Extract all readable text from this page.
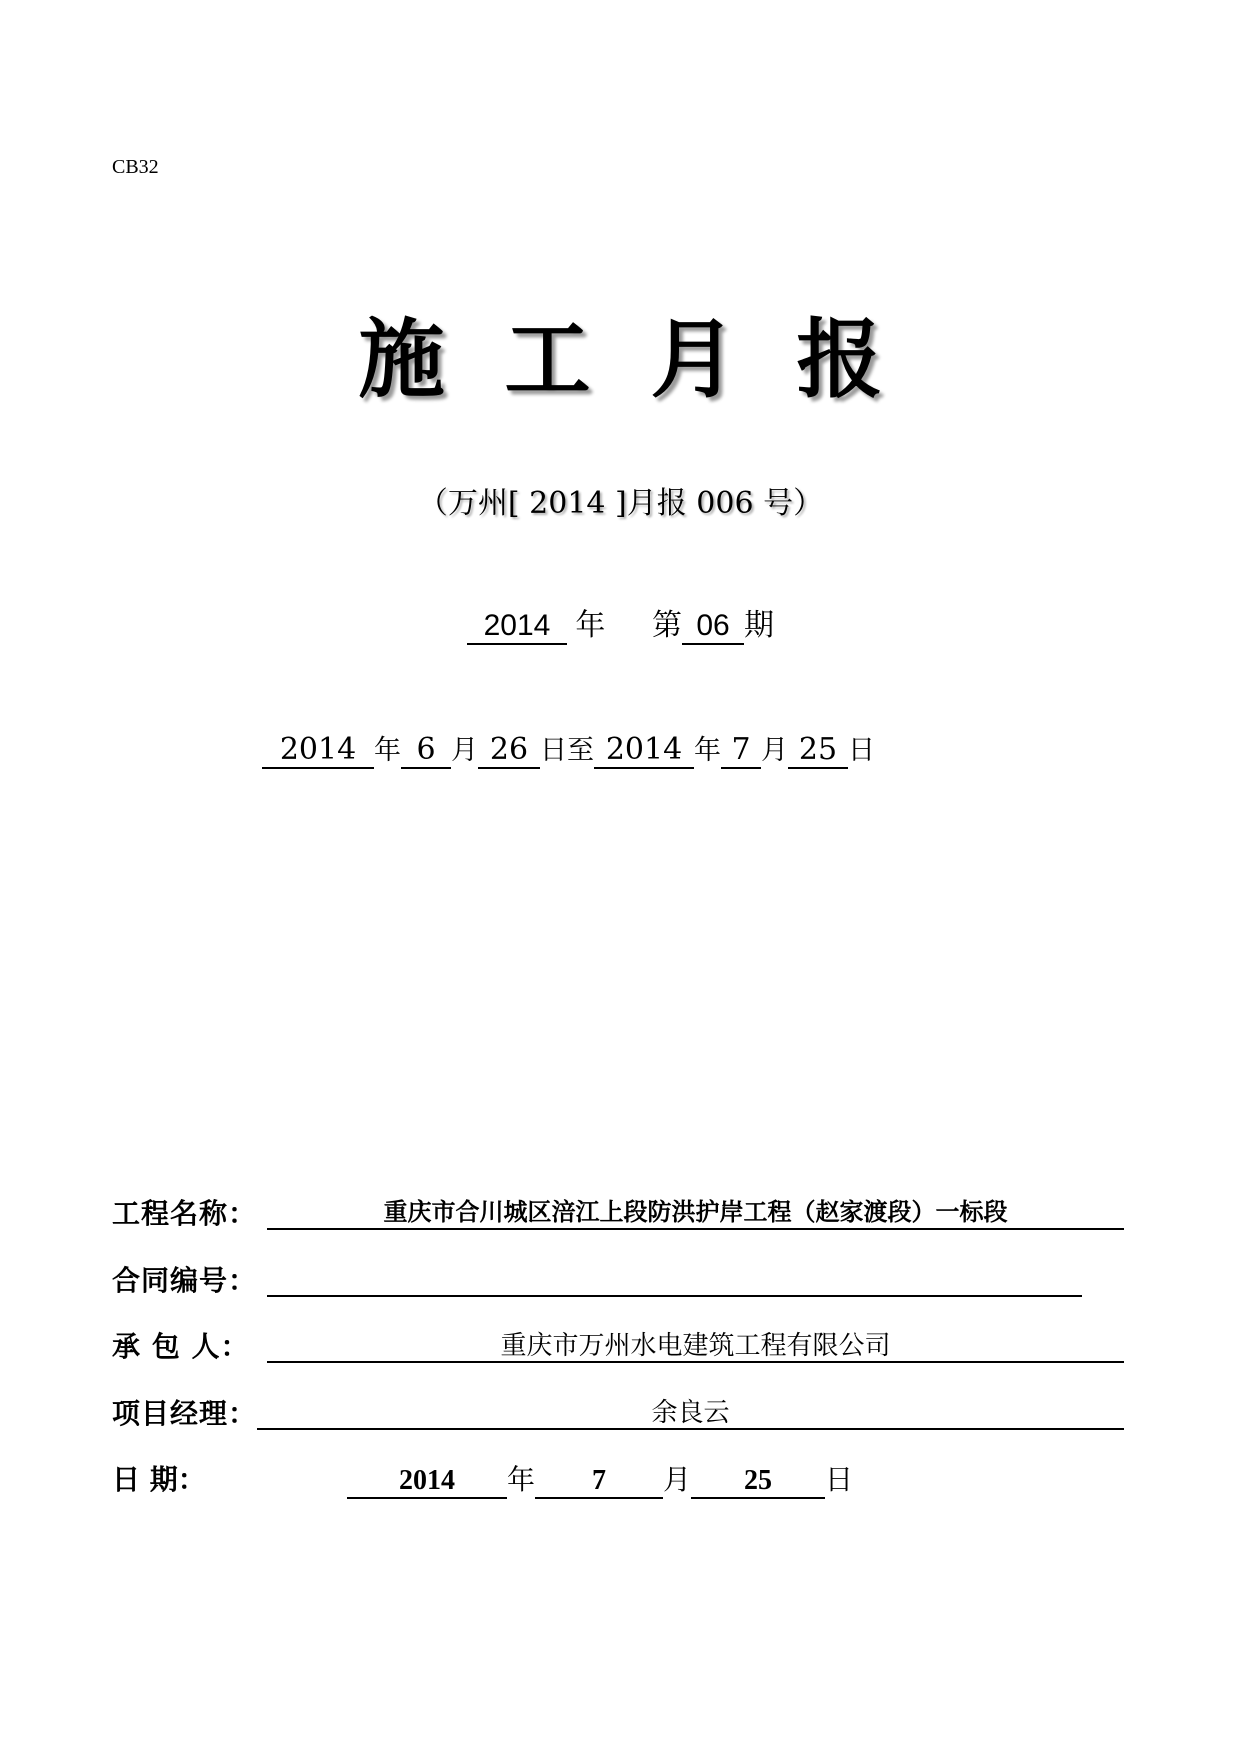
CB32
施 工 月 报
（万州[ 2014 ]月报 006 号）
2014 年 第 06 期
2014 年 6 月 26 日至 2014 年 7 月 25 日
工程名称：	重庆市合川城区涪江上段防洪护岸工程（赵家渡段）一标段
合同编号：
承 包 人：	重庆市万州水电建筑工程有限公司
项目经理：	余良云
日 期：	2014 年 7 月 25 日
